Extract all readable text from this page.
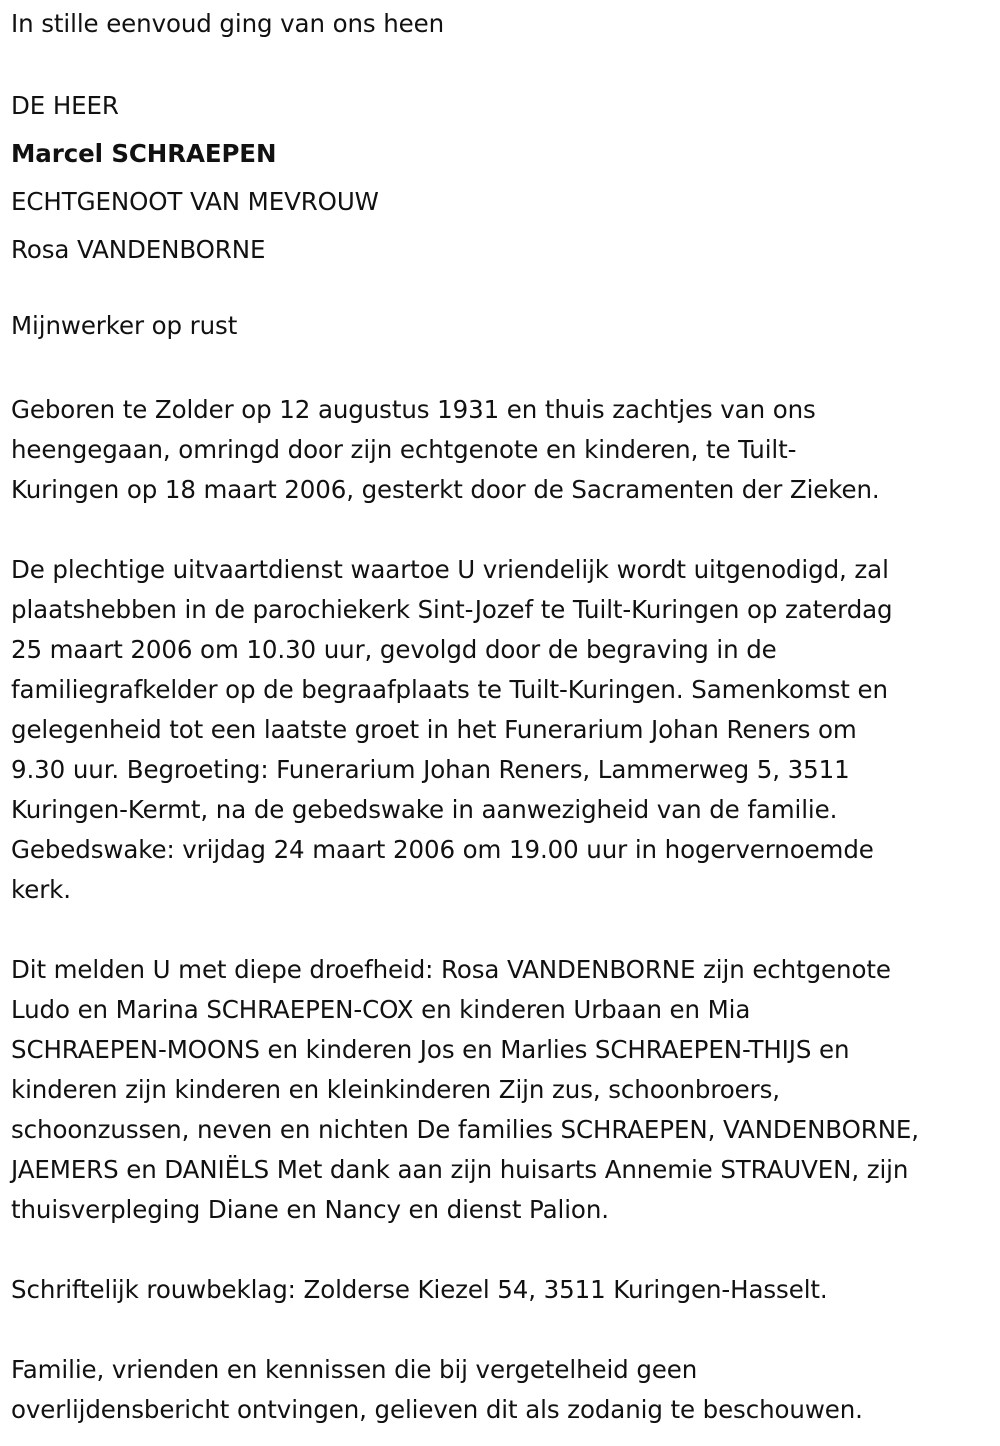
In stille eenvoud ging van ons heen
DE HEER
Marcel SCHRAEPEN
ECHTGENOOT VAN MEVROUW
Rosa VANDENBORNE
Mijnwerker op rust
Geboren te Zolder op 12 augustus 1931 en thuis zachtjes van ons
heengegaan, omringd door zijn echtgenote en kinderen, te Tuilt-
Kuringen op 18 maart 2006, gesterkt door de Sacramenten der Zieken.
De plechtige uitvaartdienst waartoe U vriendelijk wordt uitgenodigd, zal
plaatshebben in de parochiekerk Sint-Jozef te Tuilt-Kuringen op zaterdag
25 maart 2006 om 10.30 uur, gevolgd door de begraving in de
familiegrafkelder op de begraafplaats te Tuilt-Kuringen. Samenkomst en
gelegenheid tot een laatste groet in het Funerarium Johan Reners om
9.30 uur. Begroeting: Funerarium Johan Reners, Lammerweg 5, 3511
Kuringen-Kermt, na de gebedswake in aanwezigheid van de familie.
Gebedswake: vrijdag 24 maart 2006 om 19.00 uur in hogervernoemde
kerk.
Dit melden U met diepe droefheid: Rosa VANDENBORNE zijn echtgenote
Ludo en Marina SCHRAEPEN-COX en kinderen Urbaan en Mia
SCHRAEPEN-MOONS en kinderen Jos en Marlies SCHRAEPEN-THIJS en
kinderen zijn kinderen en kleinkinderen Zijn zus, schoonbroers,
schoonzussen, neven en nichten De families SCHRAEPEN, VANDENBORNE,
JAEMERS en DANIËLS Met dank aan zijn huisarts Annemie STRAUVEN, zijn
thuisverpleging Diane en Nancy en dienst Palion.
Schriftelijk rouwbeklag: Zolderse Kiezel 54, 3511 Kuringen-Hasselt.
Familie, vrienden en kennissen die bij vergetelheid geen
overlijdensbericht ontvingen, gelieven dit als zodanig te beschouwen.
